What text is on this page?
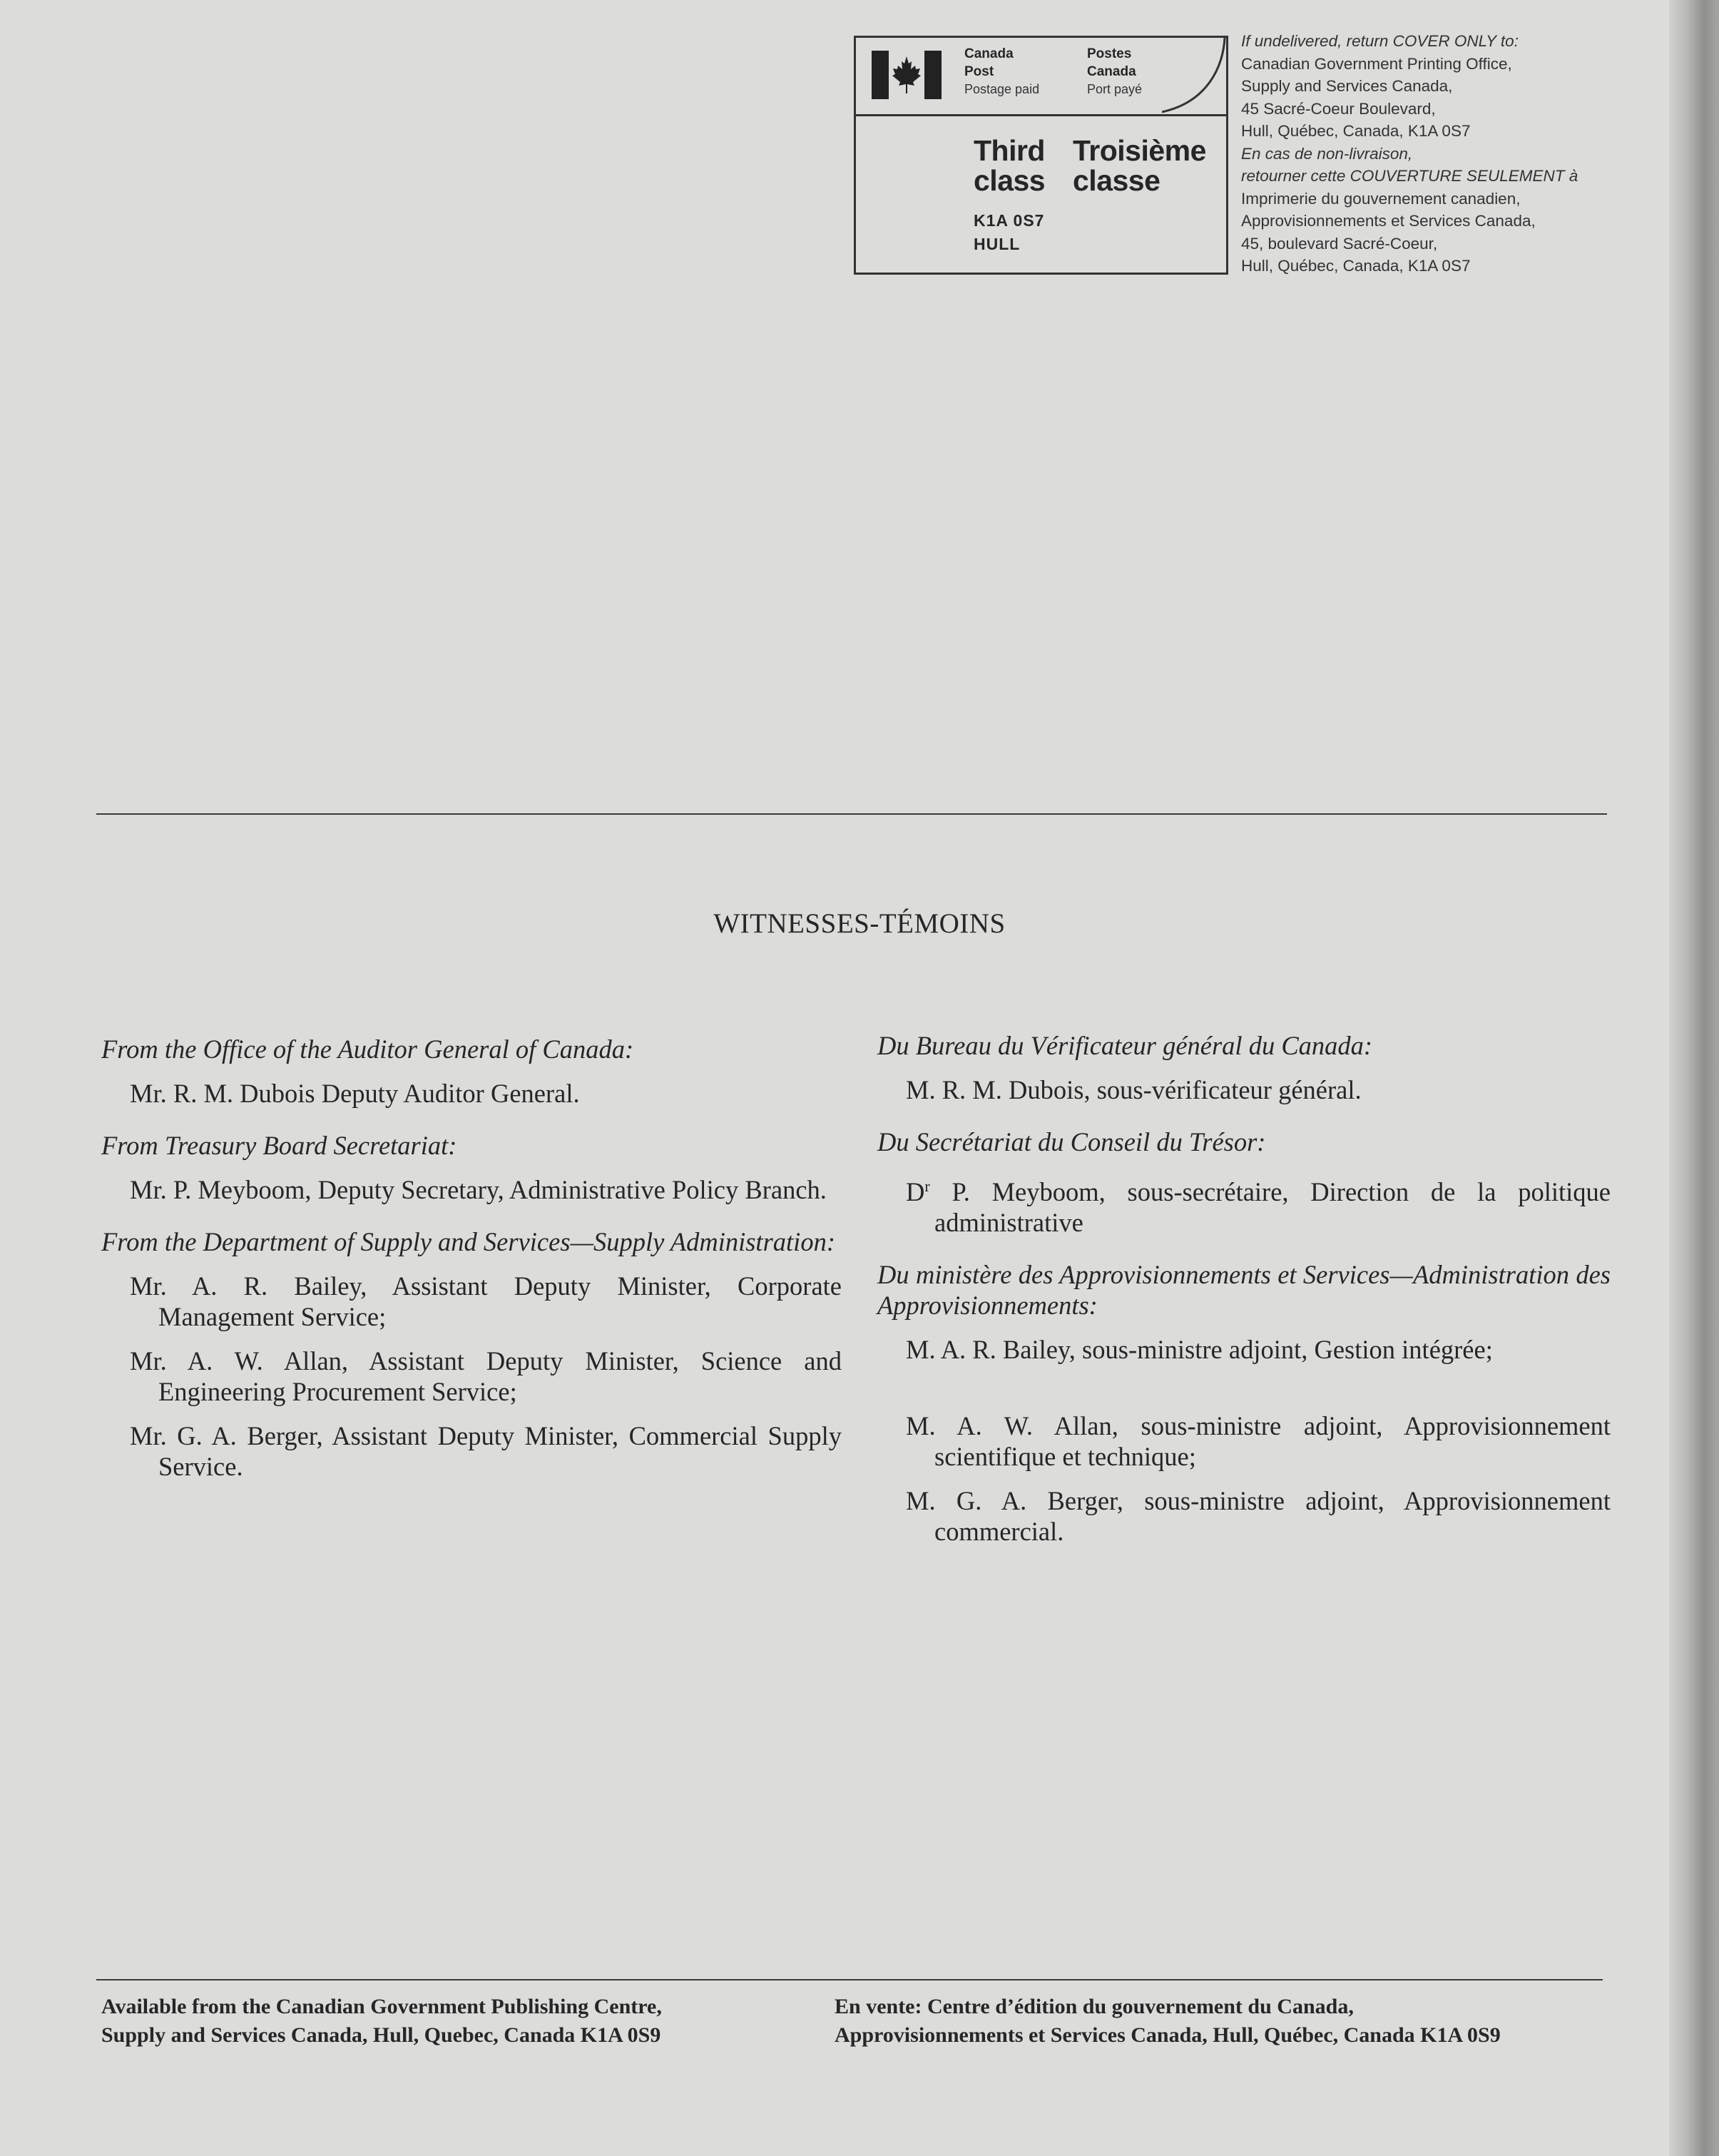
Canada
Post
Postage paid
Postes
Canada
Port payé
Third
class
Troisième
classe
K1A 0S7
HULL
If undelivered, return COVER ONLY to:
Canadian Government Printing Office,
Supply and Services Canada,
45 Sacré-Coeur Boulevard,
Hull, Québec, Canada, K1A 0S7
En cas de non-livraison,
retourner cette COUVERTURE SEULEMENT à
Imprimerie du gouvernement canadien,
Approvisionnements et Services Canada,
45, boulevard Sacré-Coeur,
Hull, Québec, Canada, K1A 0S7
WITNESSES-TÉMOINS
From the Office of the Auditor General of Canada:
Mr. R. M. Dubois Deputy Auditor General.
From Treasury Board Secretariat:
Mr. P. Meyboom, Deputy Secretary, Administrative Policy Branch.
From the Department of Supply and Services—Supply Administration:
Mr. A. R. Bailey, Assistant Deputy Minister, Corporate Management Service;
Mr. A. W. Allan, Assistant Deputy Minister, Science and Engineering Procurement Service;
Mr. G. A. Berger, Assistant Deputy Minister, Commercial Supply Service.
Du Bureau du Vérificateur général du Canada:
M. R. M. Dubois, sous-vérificateur général.
Du Secrétariat du Conseil du Trésor:
$D^r$ P. Meyboom, sous-secrétaire, Direction de la politique administrative
Du ministère des Approvisionnements et Services—Administration des Approvisionnements:
M. A. R. Bailey, sous-ministre adjoint, Gestion intégrée;
M. A. W. Allan, sous-ministre adjoint, Approvisionnement scientifique et technique;
M. G. A. Berger, sous-ministre adjoint, Approvisionnement commercial.
Available from the Canadian Government Publishing Centre,
Supply and Services Canada, Hull, Quebec, Canada K1A 0S9
En vente: Centre d’édition du gouvernement du Canada,
Approvisionnements et Services Canada, Hull, Québec, Canada K1A 0S9
